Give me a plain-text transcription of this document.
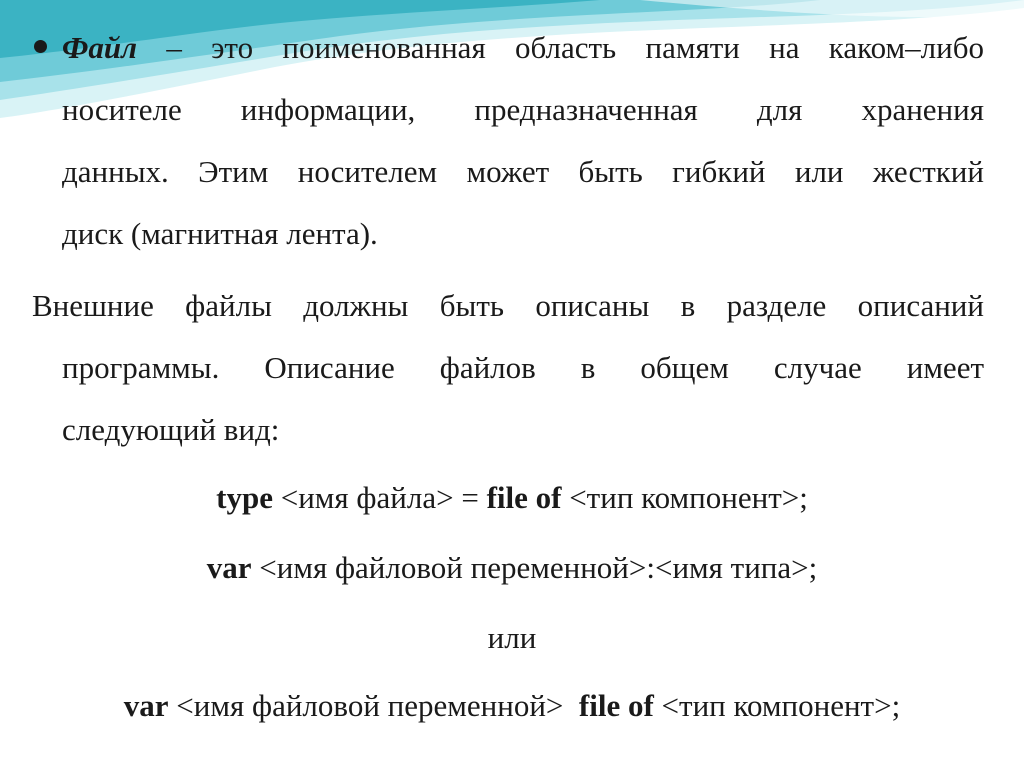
Файл – это поименованная область памяти на каком–либо
носителе информации, предназначенная для хранения
данных. Этим носителем может быть гибкий или жесткий
диск (магнитная лента).
Внешние файлы должны быть описаны в разделе описаний
программы. Описание файлов в общем случае имеет
следующий вид:
type <имя файла> = file of <тип компонент>;
var <имя файловой переменной>:<имя типа>;
или
var <имя файловой переменной>  file of <тип компонент>;
